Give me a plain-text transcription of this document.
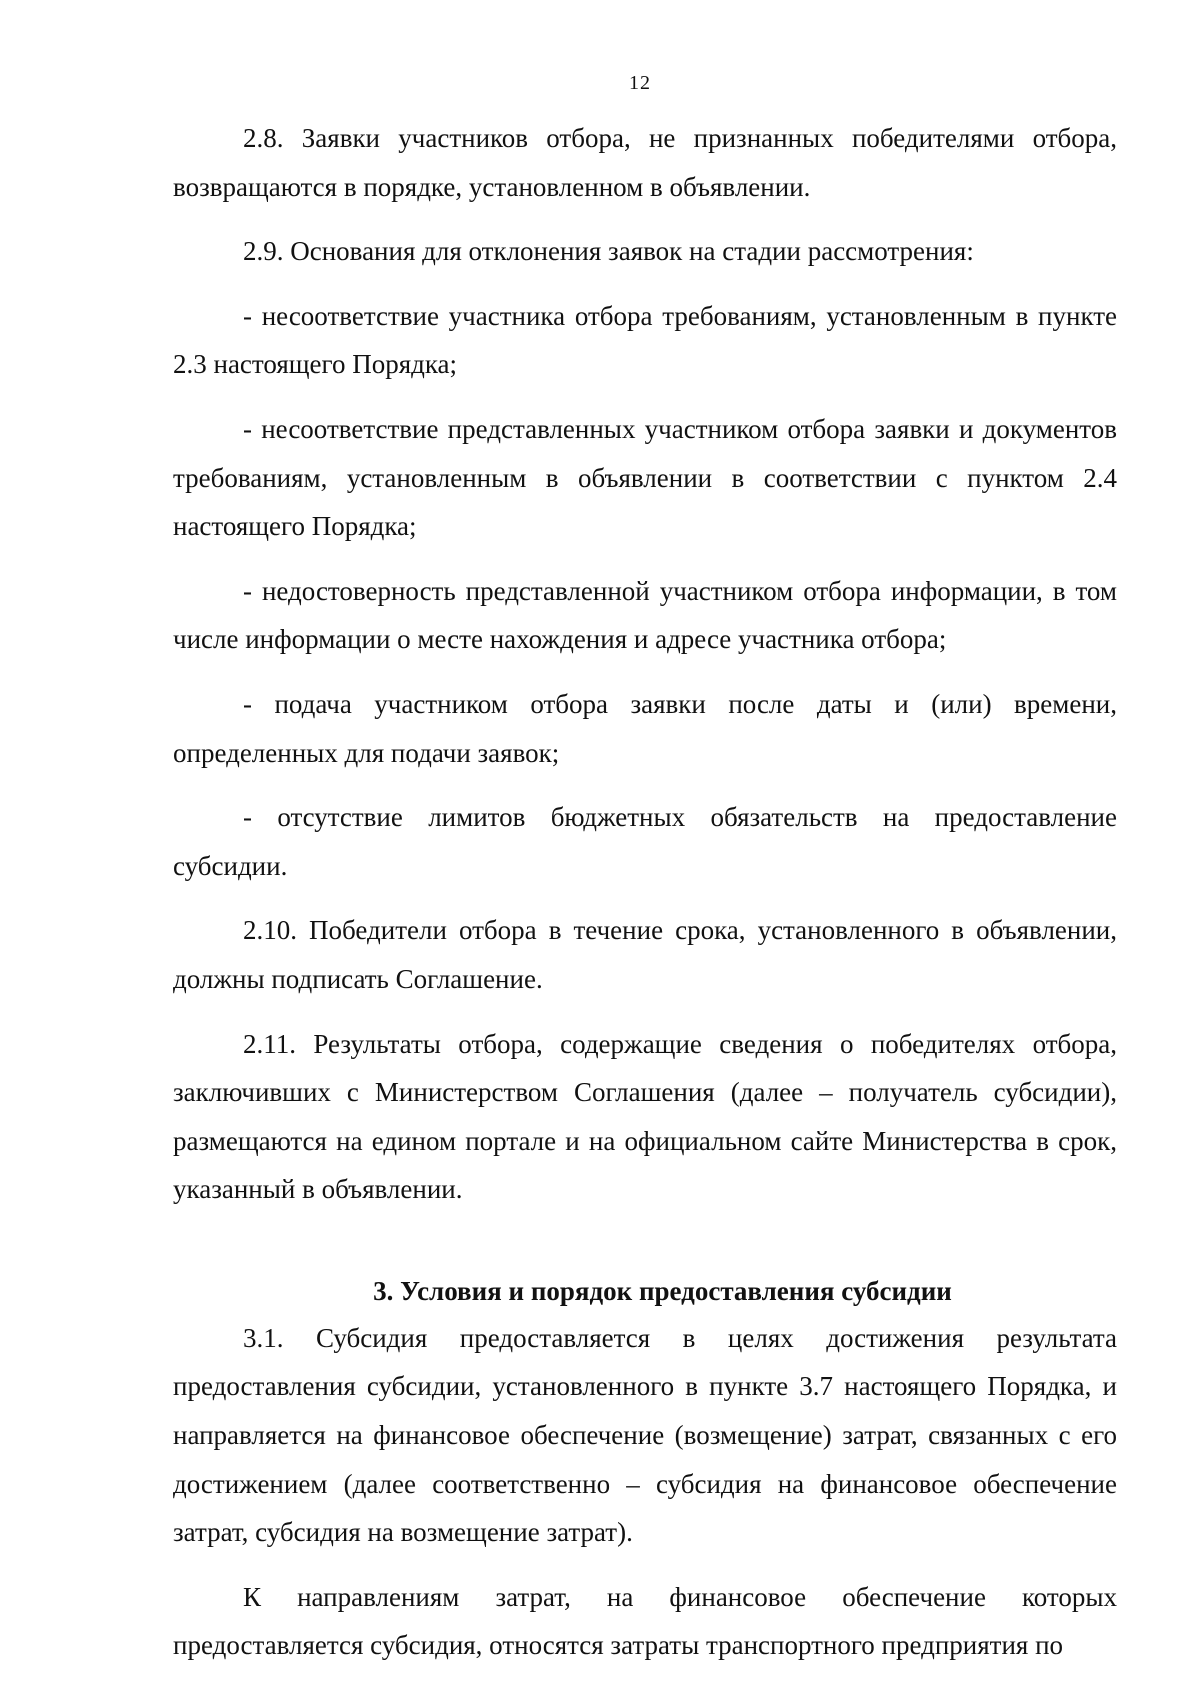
12

2.8. Заявки участников отбора, не признанных победителями отбора, возвращаются в порядке, установленном в объявлении.

2.9. Основания для отклонения заявок на стадии рассмотрения:

- несоответствие участника отбора требованиям, установленным в пункте 2.3 настоящего Порядка;

- несоответствие представленных участником отбора заявки и документов требованиям, установленным в объявлении в соответствии с пунктом 2.4 настоящего Порядка;

- недостоверность представленной участником отбора информации, в том числе информации о месте нахождения и адресе участника отбора;

- подача участником отбора заявки после даты и (или) времени, определенных для подачи заявок;

- отсутствие лимитов бюджетных обязательств на предоставление субсидии.

2.10. Победители отбора в течение срока, установленного в объявлении, должны подписать Соглашение.

2.11. Результаты отбора, содержащие сведения о победителях отбора, заключивших с Министерством Соглашения (далее – получатель субсидии), размещаются на едином портале и на официальном сайте Министерства в срок, указанный в объявлении.

3. Условия и порядок предоставления субсидии

3.1. Субсидия предоставляется в целях достижения результата предоставления субсидии, установленного в пункте 3.7 настоящего Порядка, и направляется на финансовое обеспечение (возмещение) затрат, связанных с его достижением (далее соответственно – субсидия на финансовое обеспечение затрат, субсидия на возмещение затрат).

К направлениям затрат, на финансовое обеспечение которых предоставляется субсидия, относятся затраты транспортного предприятия по
